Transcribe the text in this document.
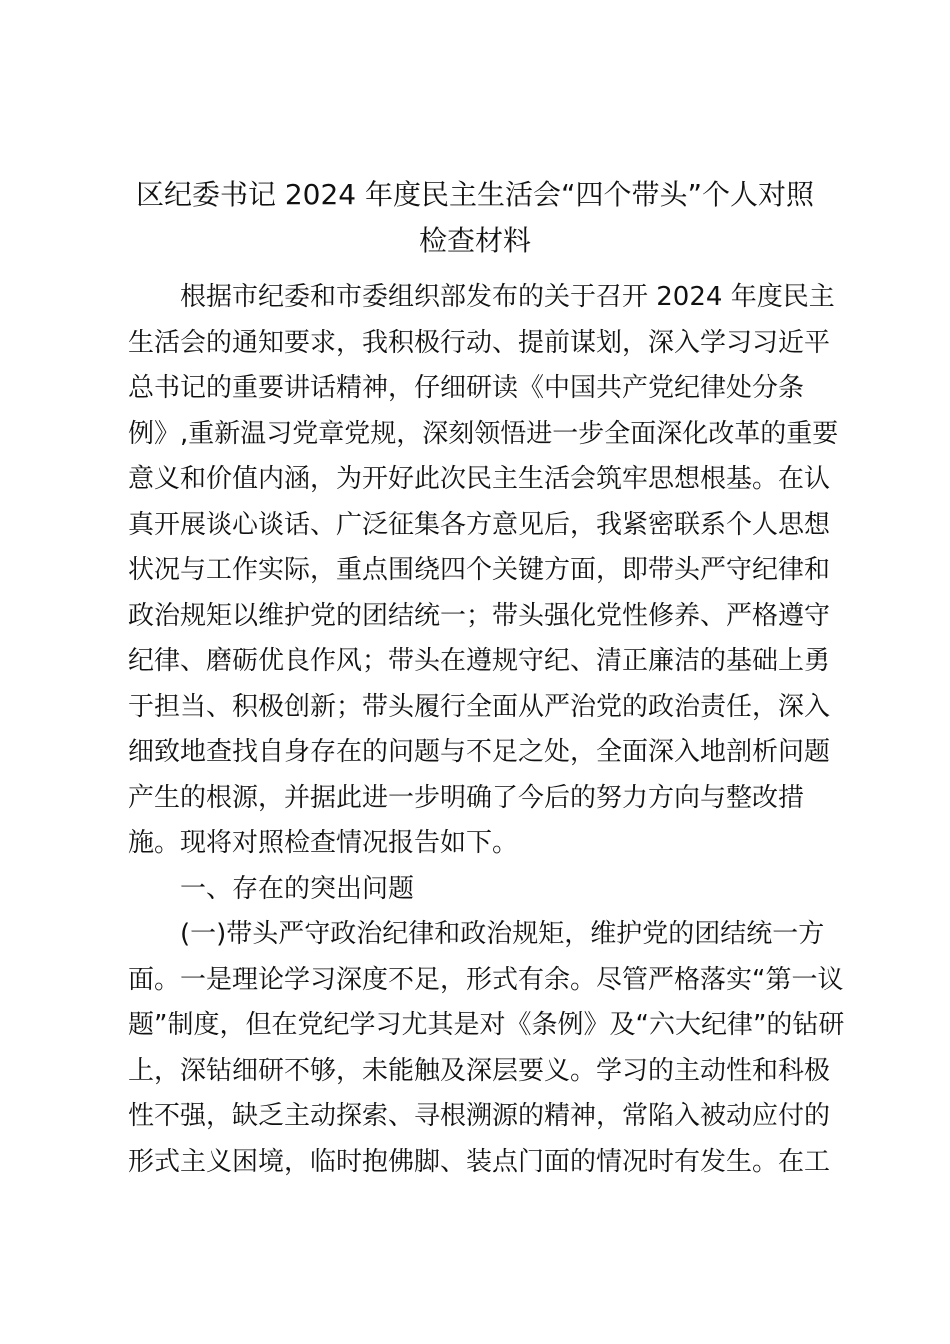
区纪委书记 2024 年度民主生活会“四个带头”个人对照
检查材料

根据市纪委和市委组织部发布的关于召开 2024 年度民主
生活会的通知要求，我积极行动、提前谋划，深入学习习近平
总书记的重要讲话精神，仔细研读《中国共产党纪律处分条
例》,重新温习党章党规，深刻领悟进一步全面深化改革的重要
意义和价值内涵，为开好此次民主生活会筑牢思想根基。在认
真开展谈心谈话、广泛征集各方意见后，我紧密联系个人思想
状况与工作实际，重点围绕四个关键方面，即带头严守纪律和
政治规矩以维护党的团结统一；带头强化党性修养、严格遵守
纪律、磨砺优良作风；带头在遵规守纪、清正廉洁的基础上勇
于担当、积极创新；带头履行全面从严治党的政治责任，深入
细致地查找自身存在的问题与不足之处，全面深入地剖析问题
产生的根源，并据此进一步明确了今后的努力方向与整改措
施。现将对照检查情况报告如下。

一、存在的突出问题

(一)带头严守政治纪律和政治规矩，维护党的团结统一方
面。一是理论学习深度不足，形式有余。尽管严格落实“第一议
题”制度，但在党纪学习尤其是对《条例》及“六大纪律”的钻研
上，深钻细研不够，未能触及深层要义。学习的主动性和科极
性不强，缺乏主动探索、寻根溯源的精神，常陷入被动应付的
形式主义困境，临时抱佛脚、装点门面的情况时有发生。在工
